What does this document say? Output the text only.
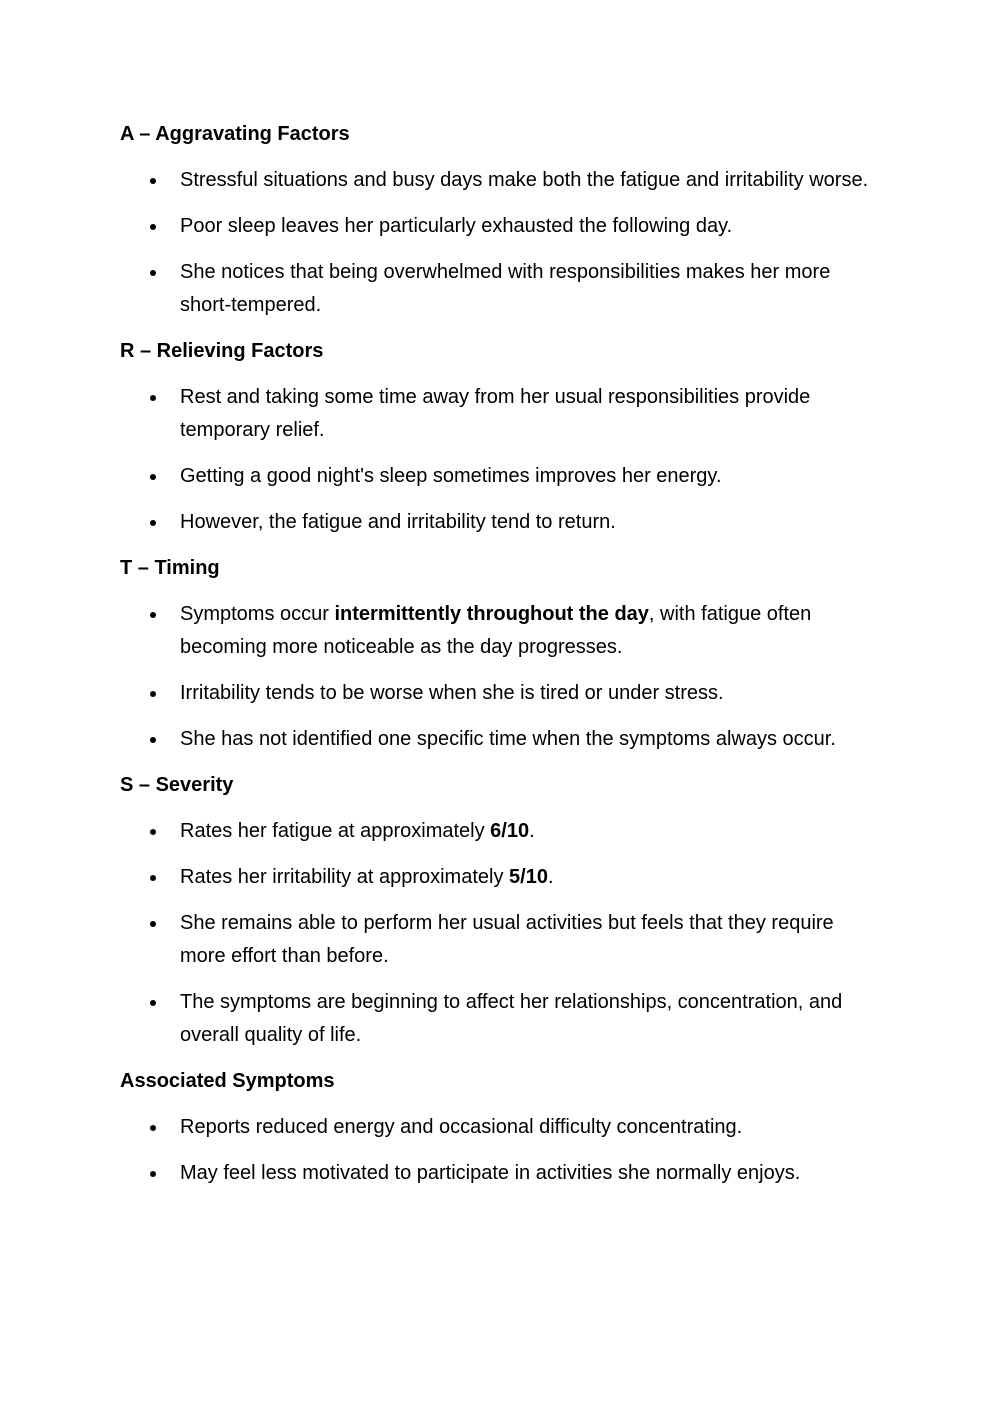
A – Aggravating Factors
Stressful situations and busy days make both the fatigue and irritability worse.
Poor sleep leaves her particularly exhausted the following day.
She notices that being overwhelmed with responsibilities makes her more short-tempered.
R – Relieving Factors
Rest and taking some time away from her usual responsibilities provide temporary relief.
Getting a good night's sleep sometimes improves her energy.
However, the fatigue and irritability tend to return.
T – Timing
Symptoms occur intermittently throughout the day, with fatigue often becoming more noticeable as the day progresses.
Irritability tends to be worse when she is tired or under stress.
She has not identified one specific time when the symptoms always occur.
S – Severity
Rates her fatigue at approximately 6/10.
Rates her irritability at approximately 5/10.
She remains able to perform her usual activities but feels that they require more effort than before.
The symptoms are beginning to affect her relationships, concentration, and overall quality of life.
Associated Symptoms
Reports reduced energy and occasional difficulty concentrating.
May feel less motivated to participate in activities she normally enjoys.
